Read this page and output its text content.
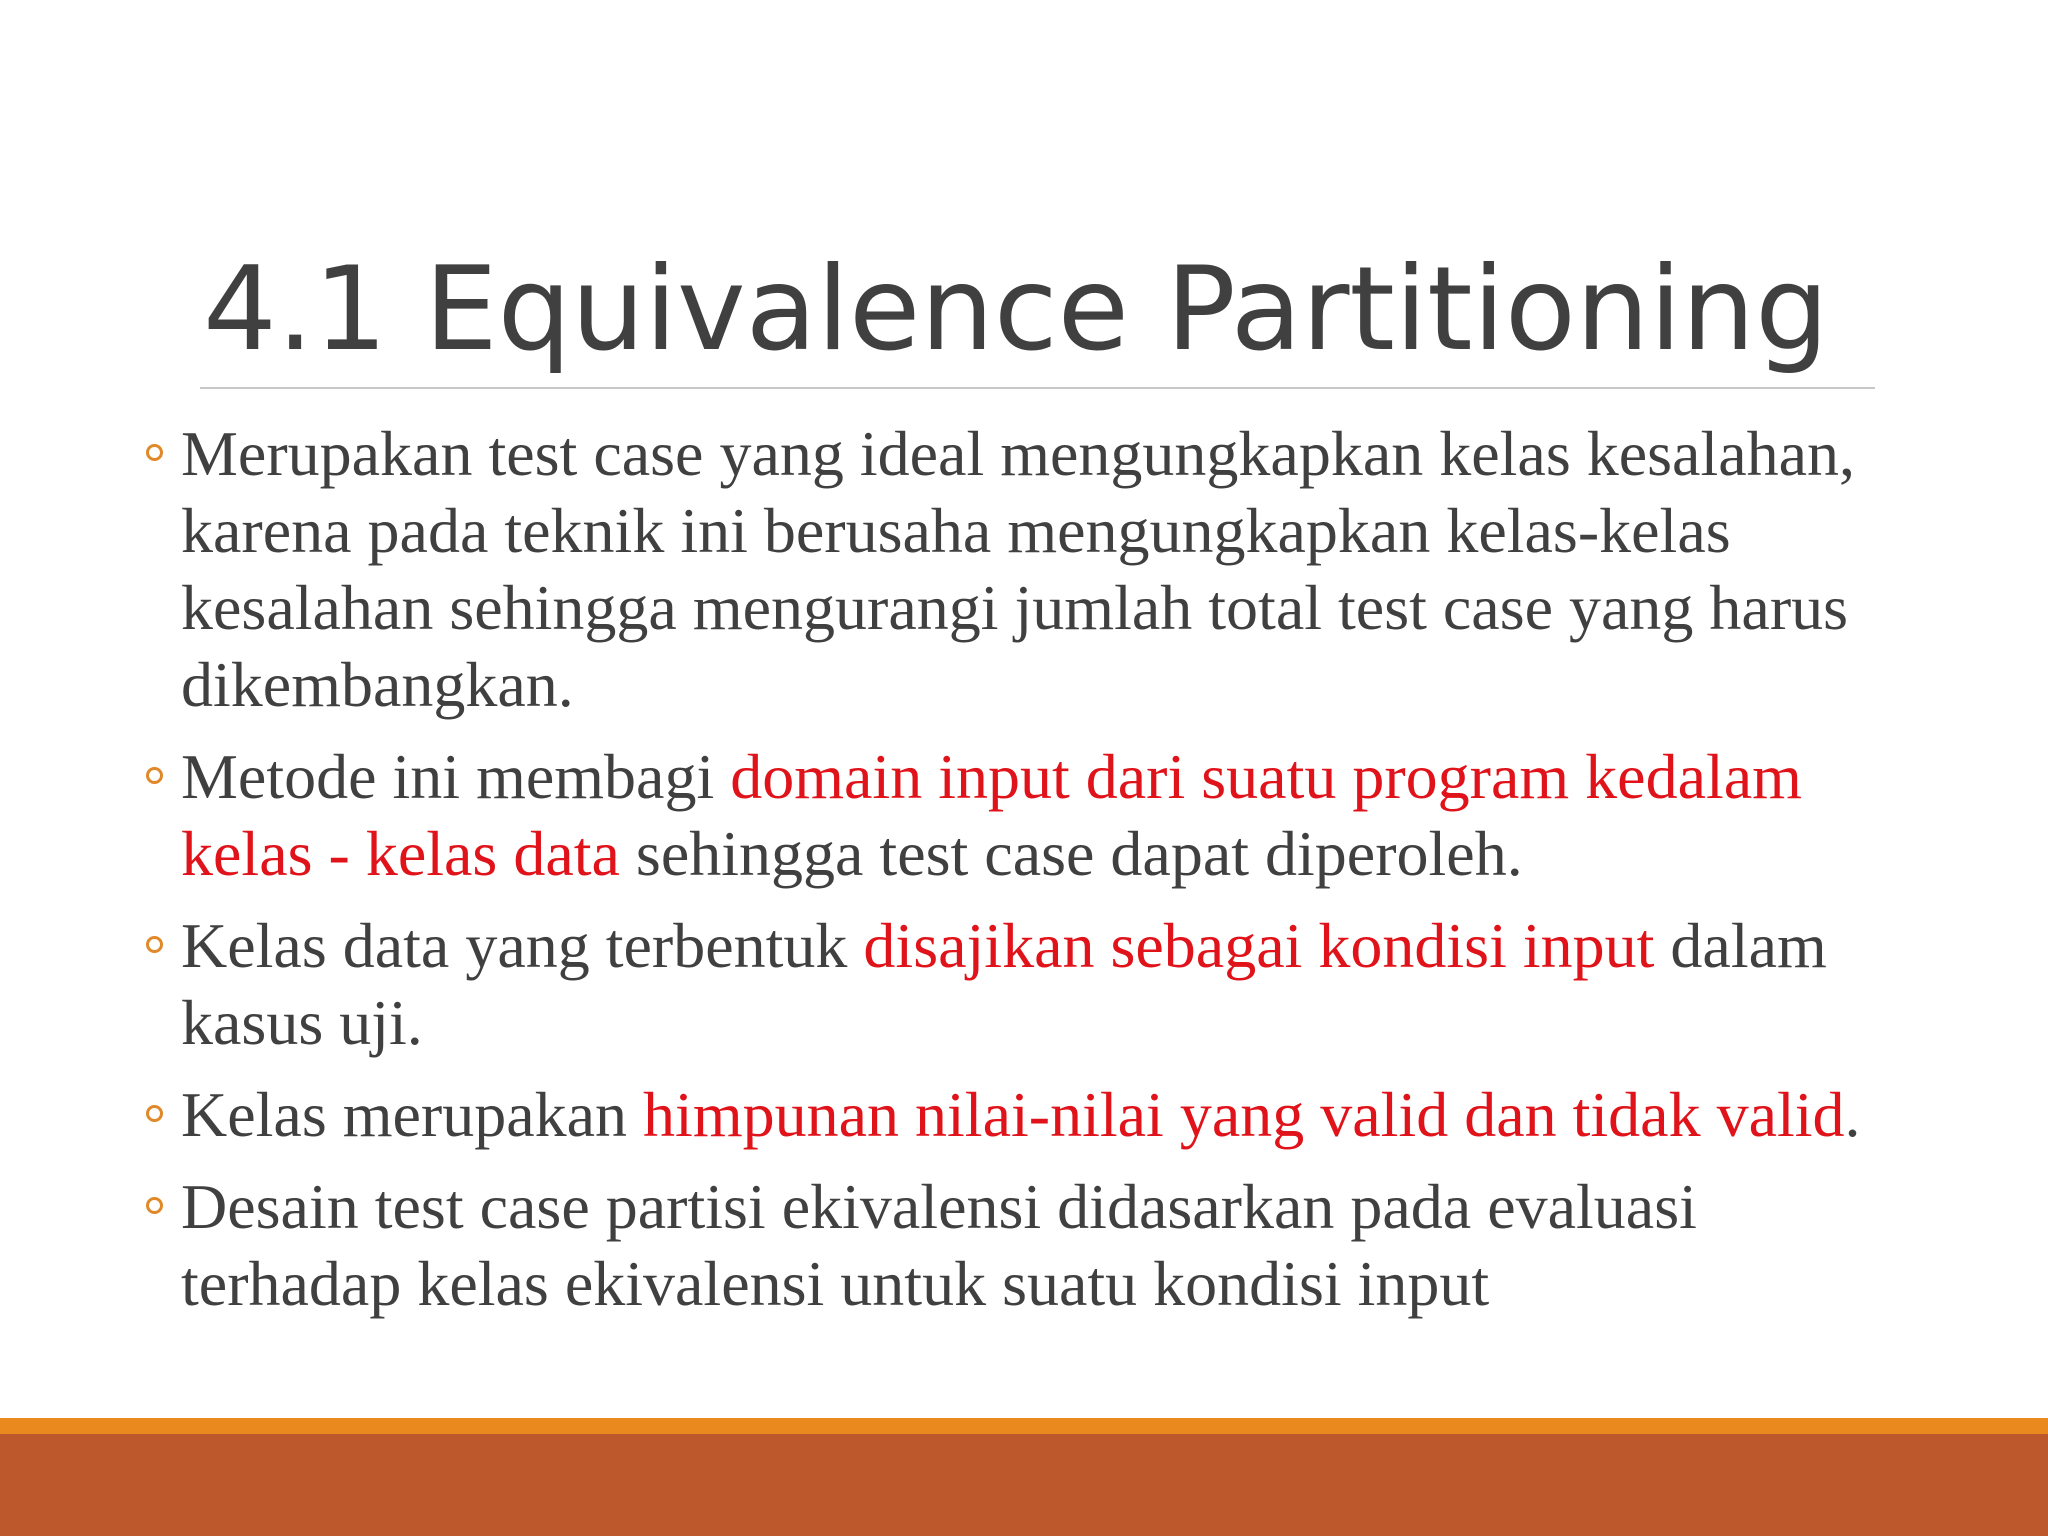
4.1 Equivalence Partitioning
Merupakan test case yang ideal mengungkapkan kelas kesalahan, karena pada teknik ini berusaha mengungkapkan kelas-kelas kesalahan sehingga mengurangi jumlah total test case yang harus dikembangkan.
Metode ini membagi domain input dari suatu program kedalam kelas - kelas data sehingga test case dapat diperoleh.
Kelas data yang terbentuk disajikan sebagai kondisi input dalam kasus uji.
Kelas merupakan himpunan nilai-nilai yang valid dan tidak valid.
Desain test case partisi ekivalensi didasarkan pada evaluasi terhadap kelas ekivalensi untuk suatu kondisi input
